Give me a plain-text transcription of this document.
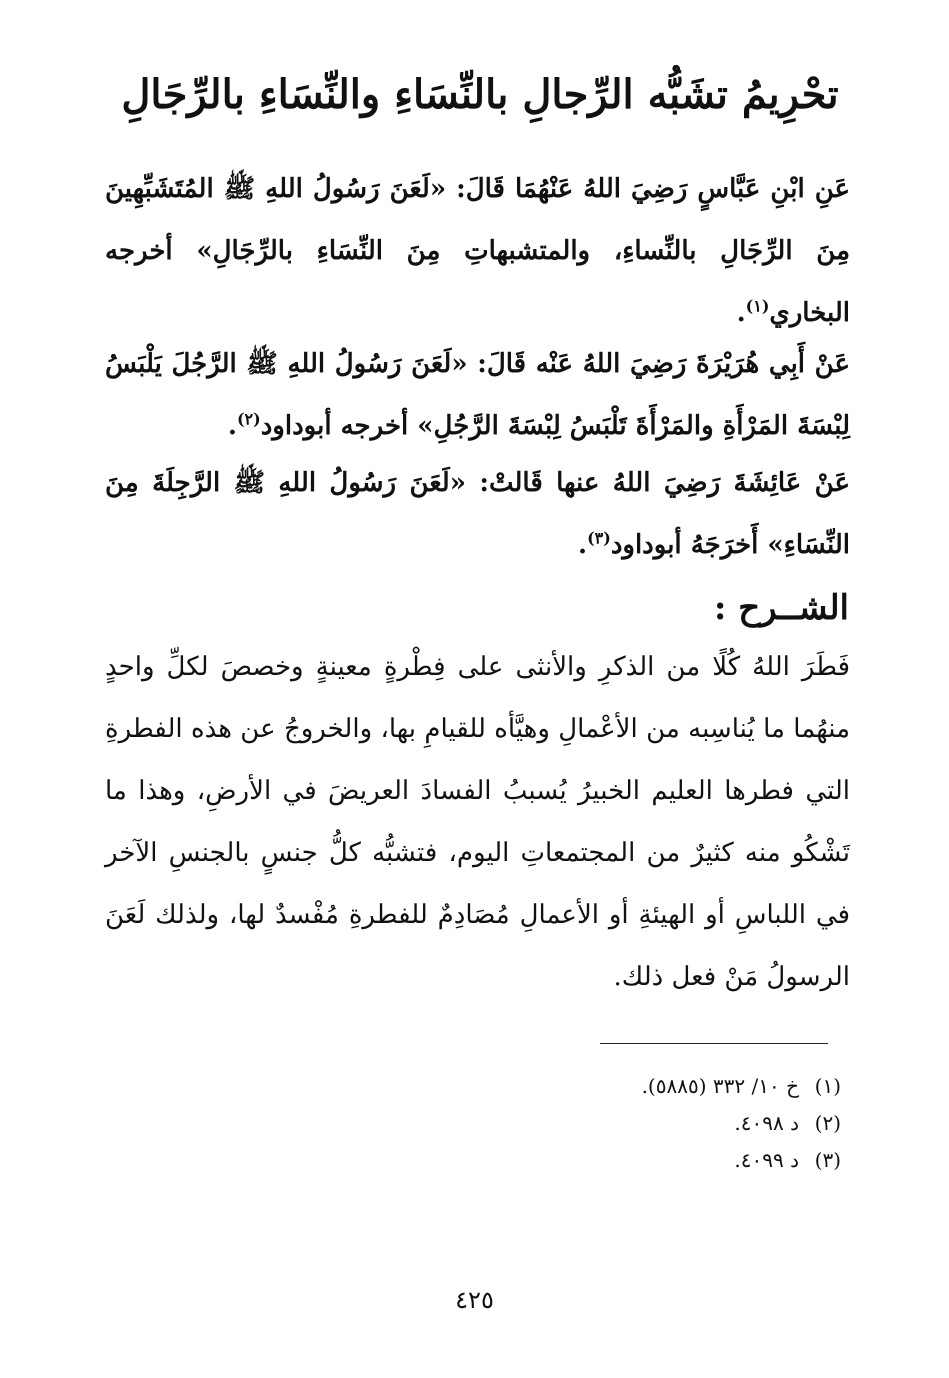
تحْرِيمُ تشَبُّه الرِّجالِ بالنِّسَاءِ والنِّسَاءِ بالرِّجَالِ
عَنِ ابْنِ عَبَّاسٍ رَضِيَ اللهُ عَنْهُمَا قَالَ: «لَعَنَ رَسُولُ اللهِ ﷺ المُتَشَبِّهِينَ مِنَ الرِّجَالِ بالنِّساءِ، والمتشبهاتِ مِنَ النِّسَاءِ بالرِّجَالِ» أخرجه البخاري$^{(١)}$.
عَنْ أَبِي هُرَيْرَةَ رَضِيَ اللهُ عَنْه قَالَ: «لَعَنَ رَسُولُ اللهِ ﷺ الرَّجُلَ يَلْبَسُ لِبْسَةَ المَرْأَةِ والمَرْأَةَ تَلْبَسُ لِبْسَةَ الرَّجُلِ» أخرجه أبوداود$^{(٢)}$.
عَنْ عَائِشَةَ رَضِيَ اللهُ عنها قَالتْ: «لَعَنَ رَسُولُ اللهِ ﷺ الرَّجِلَةَ مِنَ النِّسَاءِ» أَخرَجَهُ أبوداود$^{(٣)}$.
الشــرح :
فَطَرَ اللهُ كُلًا من الذكرِ والأنثى على فِطْرةٍ معينةٍ وخصصَ لكلِّ واحدٍ منهُما ما يُناسِبه من الأعْمالِ وهيَّأه للقيامِ بها، والخروجُ عن هذه الفطرةِ التي فطرها العليم الخبيرُ يُسببُ الفسادَ العريضَ في الأرضِ، وهذا ما تَشْكُو منه كثيرٌ من المجتمعاتِ اليوم، فتشبُّه كلُّ جنسٍ بالجنسِ الآخر في اللباسِ أو الهيئةِ أو الأعمالِ مُصَادِمٌ للفطرةِ مُفْسدٌ لها، ولذلك لَعَنَ الرسولُ مَنْ فعل ذلك.
(١)خ ١٠/ ٣٣٢ (٥٨٨٥).
(٢)د ٤٠٩٨.
(٣)د ٤٠٩٩.
٤٢٥
